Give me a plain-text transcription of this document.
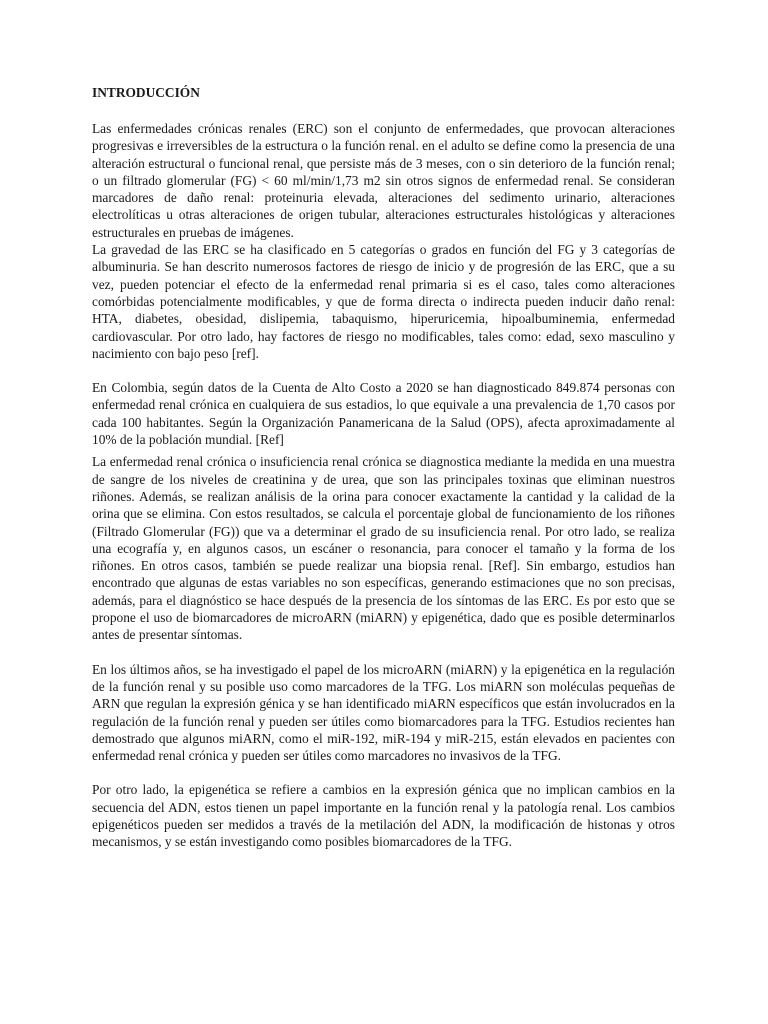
INTRODUCCIÓN

Las enfermedades crónicas renales (ERC) son el conjunto de enfermedades, que provocan alteraciones progresivas e irreversibles de la estructura o la función renal. en el adulto se define como la presencia de una alteración estructural o funcional renal, que persiste más de 3 meses, con o sin deterioro de la función renal; o un filtrado glomerular (FG) < 60 ml/min/1,73 m2 sin otros signos de enfermedad renal. Se consideran marcadores de daño renal: proteinuria elevada, alteraciones del sedimento urinario, alteraciones electrolíticas u otras alteraciones de origen tubular, alteraciones estructurales histológicas y alteraciones estructurales en pruebas de imágenes.

La gravedad de las ERC se ha clasificado en 5 categorías o grados en función del FG y 3 categorías de albuminuria. Se han descrito numerosos factores de riesgo de inicio y de progresión de las ERC, que a su vez, pueden potenciar el efecto de la enfermedad renal primaria si es el caso, tales como alteraciones comórbidas potencialmente modificables, y que de forma directa o indirecta pueden inducir daño renal: HTA, diabetes, obesidad, dislipemia, tabaquismo, hiperuricemia, hipoalbuminemia, enfermedad cardiovascular. Por otro lado, hay factores de riesgo no modificables, tales como: edad, sexo masculino y nacimiento con bajo peso [ref].

En Colombia, según datos de la Cuenta de Alto Costo a 2020 se han diagnosticado 849.874 personas con enfermedad renal crónica en cualquiera de sus estadios, lo que equivale a una prevalencia de 1,70 casos por cada 100 habitantes. Según la Organización Panamericana de la Salud (OPS), afecta aproximadamente al 10% de la población mundial. [Ref]

La enfermedad renal crónica o insuficiencia renal crónica se diagnostica mediante la medida en una muestra de sangre de los niveles de creatinina y de urea, que son las principales toxinas que eliminan nuestros riñones. Además, se realizan análisis de la orina para conocer exactamente la cantidad y la calidad de la orina que se elimina. Con estos resultados, se calcula el porcentaje global de funcionamiento de los riñones (Filtrado Glomerular (FG)) que va a determinar el grado de su insuficiencia renal. Por otro lado, se realiza una ecografía y, en algunos casos, un escáner o resonancia, para conocer el tamaño y la forma de los riñones. En otros casos, también se puede realizar una biopsia renal. [Ref]. Sin embargo, estudios han encontrado que algunas de estas variables no son específicas, generando estimaciones que no son precisas, además, para el diagnóstico se hace después de la presencia de los síntomas de las ERC. Es por esto que se propone el uso de biomarcadores de microARN (miARN) y epigenética, dado que es posible determinarlos antes de presentar síntomas.

En los últimos años, se ha investigado el papel de los microARN (miARN) y la epigenética en la regulación de la función renal y su posible uso como marcadores de la TFG. Los miARN son moléculas pequeñas de ARN que regulan la expresión génica y se han identificado miARN específicos que están involucrados en la regulación de la función renal y pueden ser útiles como biomarcadores para la TFG. Estudios recientes han demostrado que algunos miARN, como el miR-192, miR-194 y miR-215, están elevados en pacientes con enfermedad renal crónica y pueden ser útiles como marcadores no invasivos de la TFG.

Por otro lado, la epigenética se refiere a cambios en la expresión génica que no implican cambios en la secuencia del ADN, estos tienen un papel importante en la función renal y la patología renal. Los cambios epigenéticos pueden ser medidos a través de la metilación del ADN, la modificación de histonas y otros mecanismos, y se están investigando como posibles biomarcadores de la TFG.
